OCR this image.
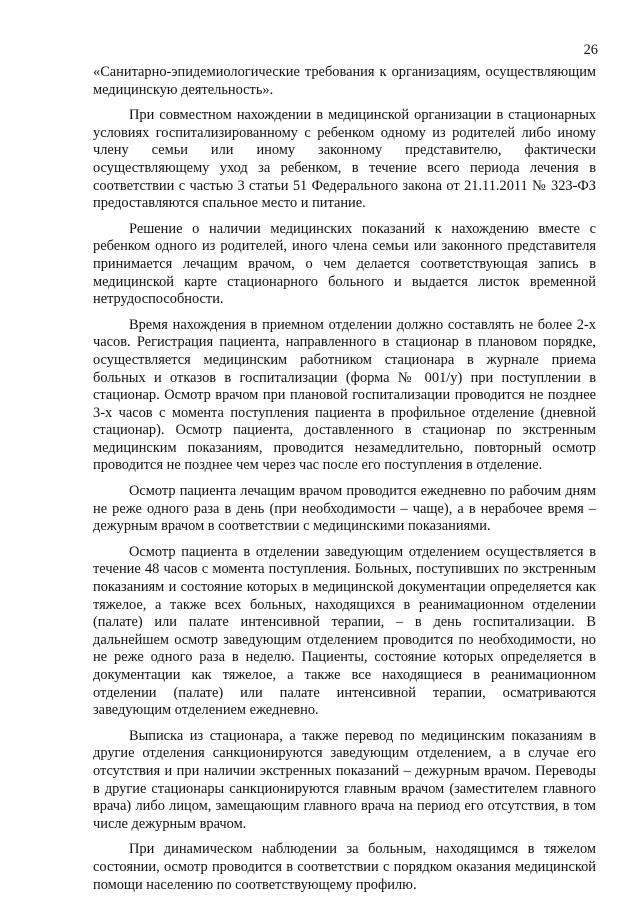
26

«Санитарно-эпидемиологические требования к организациям, осуществляющим медицинскую деятельность».

При совместном нахождении в медицинской организации в стационарных условиях госпитализированному с ребенком одному из родителей либо иному члену семьи или иному законному представителю, фактически осуществляющему уход за ребенком, в течение всего периода лечения в соответствии с частью 3 статьи 51 Федерального закона от 21.11.2011 № 323-ФЗ предоставляются спальное место и питание.

Решение о наличии медицинских показаний к нахождению вместе с ребенком одного из родителей, иного члена семьи или законного представителя принимается лечащим врачом, о чем делается соответствующая запись в медицинской карте стационарного больного и выдается листок временной нетрудоспособности.

Время нахождения в приемном отделении должно составлять не более 2-х часов. Регистрация пациента, направленного в стационар в плановом порядке, осуществляется медицинским работником стационара в журнале приема больных и отказов в госпитализации (форма № 001/у) при поступлении в стационар. Осмотр врачом при плановой госпитализации проводится не позднее 3-х часов с момента поступления пациента в профильное отделение (дневной стационар). Осмотр пациента, доставленного в стационар по экстренным медицинским показаниям, проводится незамедлительно, повторный осмотр проводится не позднее чем через час после его поступления в отделение.

Осмотр пациента лечащим врачом проводится ежедневно по рабочим дням не реже одного раза в день (при необходимости – чаще), а в нерабочее время – дежурным врачом в соответствии с медицинскими показаниями.

Осмотр пациента в отделении заведующим отделением осуществляется в течение 48 часов с момента поступления. Больных, поступивших по экстренным показаниям и состояние которых в медицинской документации определяется как тяжелое, а также всех больных, находящихся в реанимационном отделении (палате) или палате интенсивной терапии, – в день госпитализации. В дальнейшем осмотр заведующим отделением проводится по необходимости, но не реже одного раза в неделю. Пациенты, состояние которых определяется в документации как тяжелое, а также все находящиеся в реанимационном отделении (палате) или палате интенсивной терапии, осматриваются заведующим отделением ежедневно.

Выписка из стационара, а также перевод по медицинским показаниям в другие отделения санкционируются заведующим отделением, а в случае его отсутствия и при наличии экстренных показаний – дежурным врачом. Переводы в другие стационары санкционируются главным врачом (заместителем главного врача) либо лицом, замещающим главного врача на период его отсутствия, в том числе дежурным врачом.

При динамическом наблюдении за больным, находящимся в тяжелом состоянии, осмотр проводится в соответствии с порядком оказания медицинской помощи населению по соответствующему профилю.
